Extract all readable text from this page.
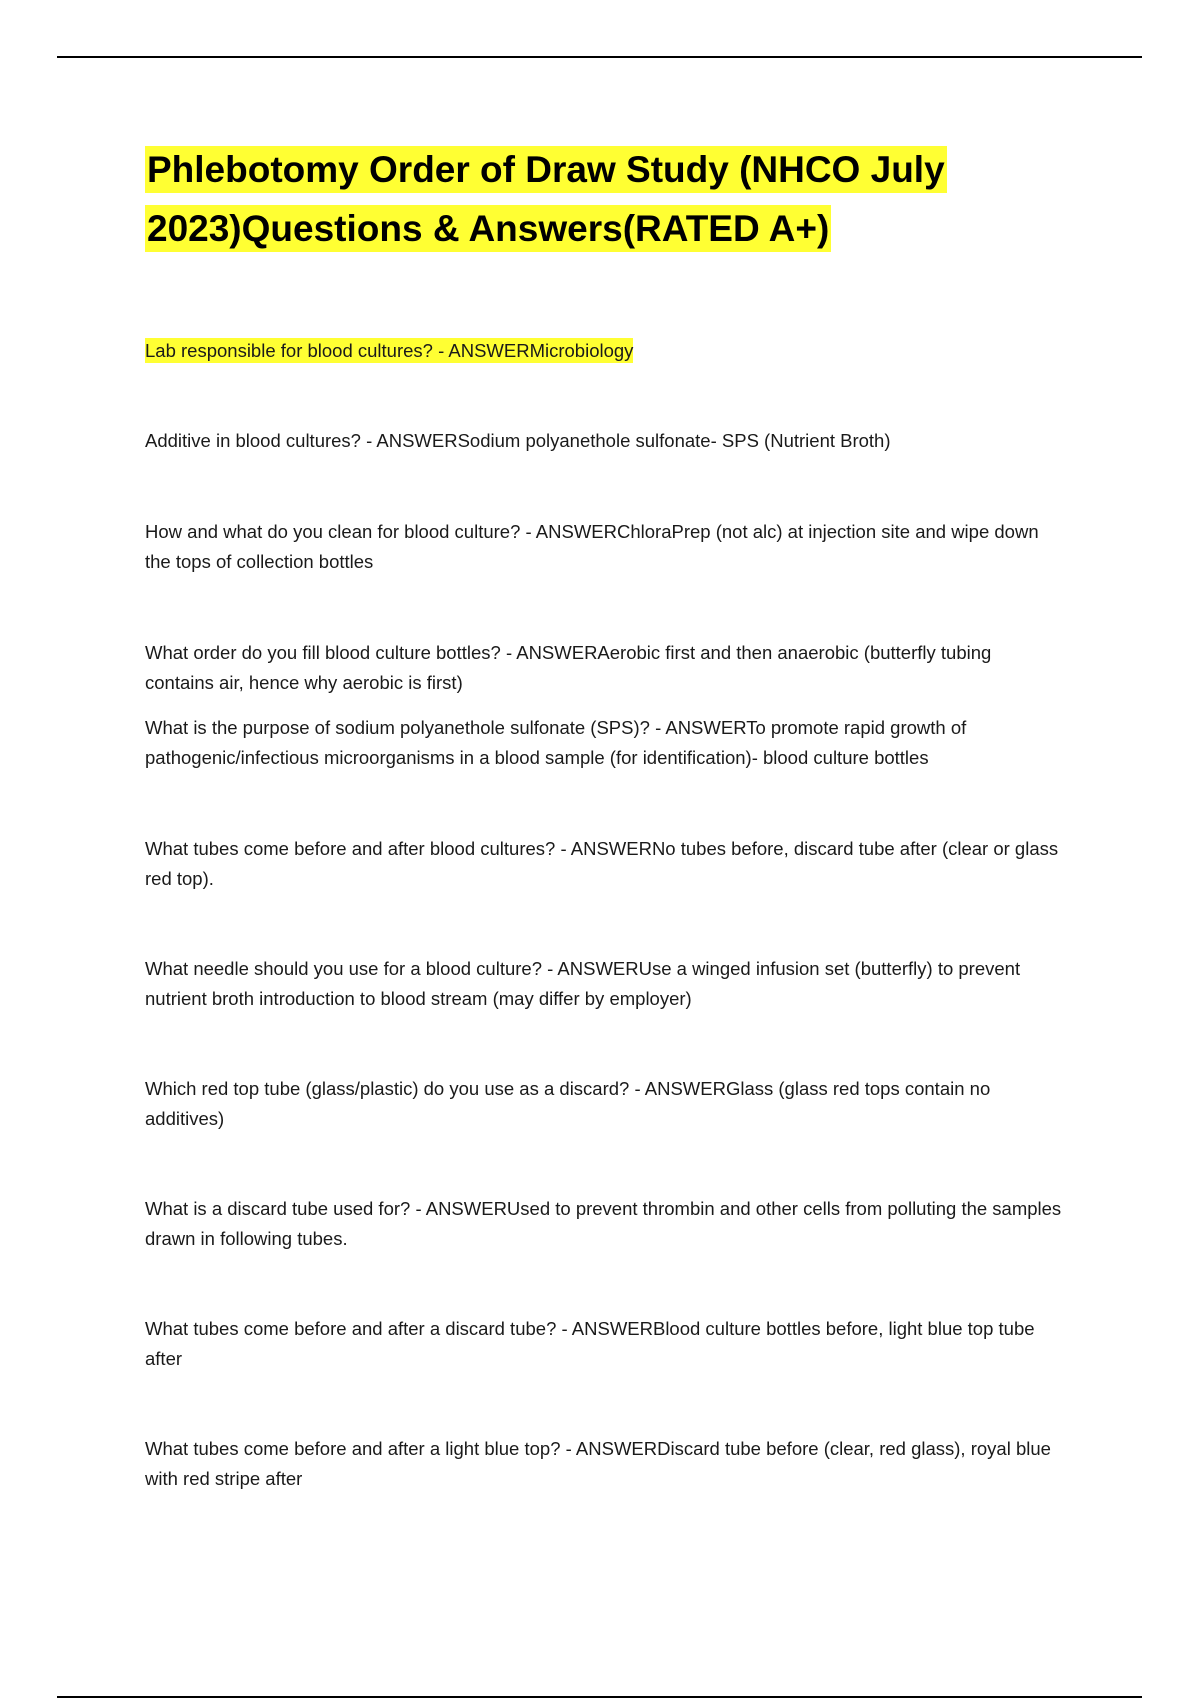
Phlebotomy Order of Draw Study (NHCO July 2023)Questions & Answers(RATED A+)

Lab responsible for blood cultures? - ANSWERMicrobiology

Additive in blood cultures? - ANSWERSodium polyanethole sulfonate- SPS (Nutrient Broth)

How and what do you clean for blood culture? - ANSWERChloraPrep (not alc) at injection site and wipe down the tops of collection bottles

What order do you fill blood culture bottles? - ANSWERAerobic first and then anaerobic (butterfly tubing contains air, hence why aerobic is first)

What is the purpose of sodium polyanethole sulfonate (SPS)? - ANSWERTo promote rapid growth of pathogenic/infectious microorganisms in a blood sample (for identification)- blood culture bottles

What tubes come before and after blood cultures? - ANSWERNo tubes before, discard tube after (clear or glass red top).

What needle should you use for a blood culture? - ANSWERUse a winged infusion set (butterfly) to prevent nutrient broth introduction to blood stream (may differ by employer)

Which red top tube (glass/plastic) do you use as a discard? - ANSWERGlass (glass red tops contain no additives)

What is a discard tube used for? - ANSWERUsed to prevent thrombin and other cells from polluting the samples drawn in following tubes.

What tubes come before and after a discard tube? - ANSWERBlood culture bottles before, light blue top tube after

What tubes come before and after a light blue top? - ANSWERDiscard tube before (clear, red glass), royal blue with red stripe after
